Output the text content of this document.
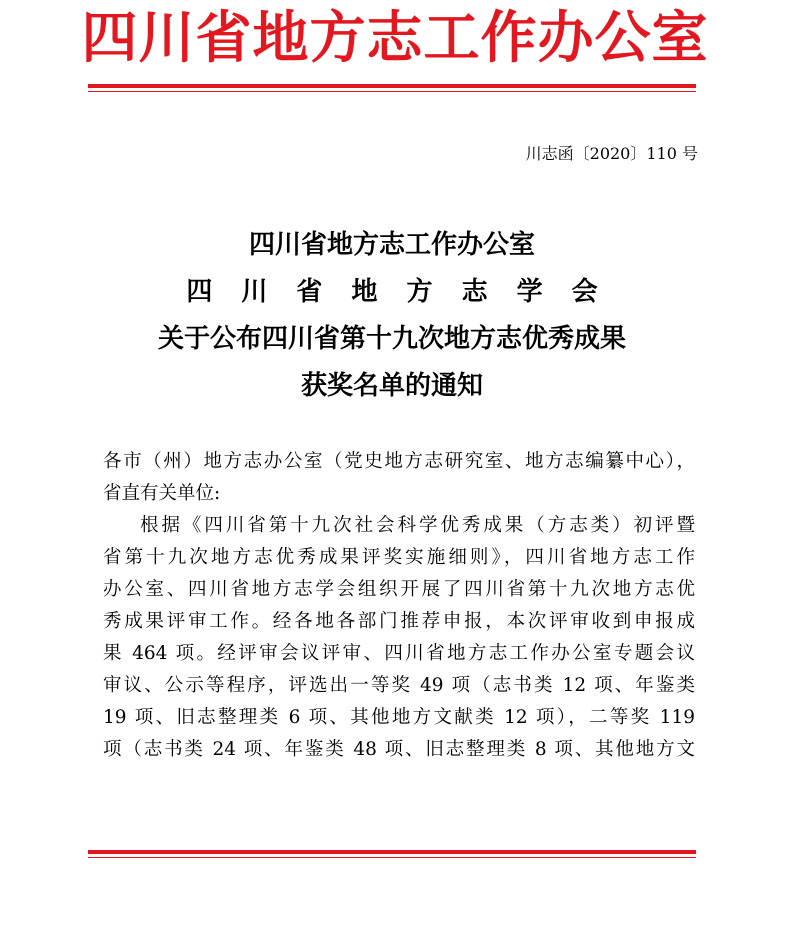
四川省地方志工作办公室
川志函〔2020〕110 号
四川省地方志工作办公室
四 川 省 地 方 志 学 会
关于公布四川省第十九次地方志优秀成果
获奖名单的通知

各市（州）地方志办公室（党史地方志研究室、地方志编纂中心），

省直有关单位:

根据《四川省第十九次社会科学优秀成果（方志类）初评暨

省第十九次地方志优秀成果评奖实施细则》，四川省地方志工作

办公室、四川省地方志学会组织开展了四川省第十九次地方志优

秀成果评审工作。经各地各部门推荐申报，本次评审收到申报成

果 464 项。经评审会议评审、四川省地方志工作办公室专题会议

审议、公示等程序，评选出一等奖 49 项（志书类 12 项、年鉴类

19 项、旧志整理类 6 项、其他地方文献类 12 项），二等奖 119

项（志书类 24 项、年鉴类 48 项、旧志整理类 8 项、其他地方文
